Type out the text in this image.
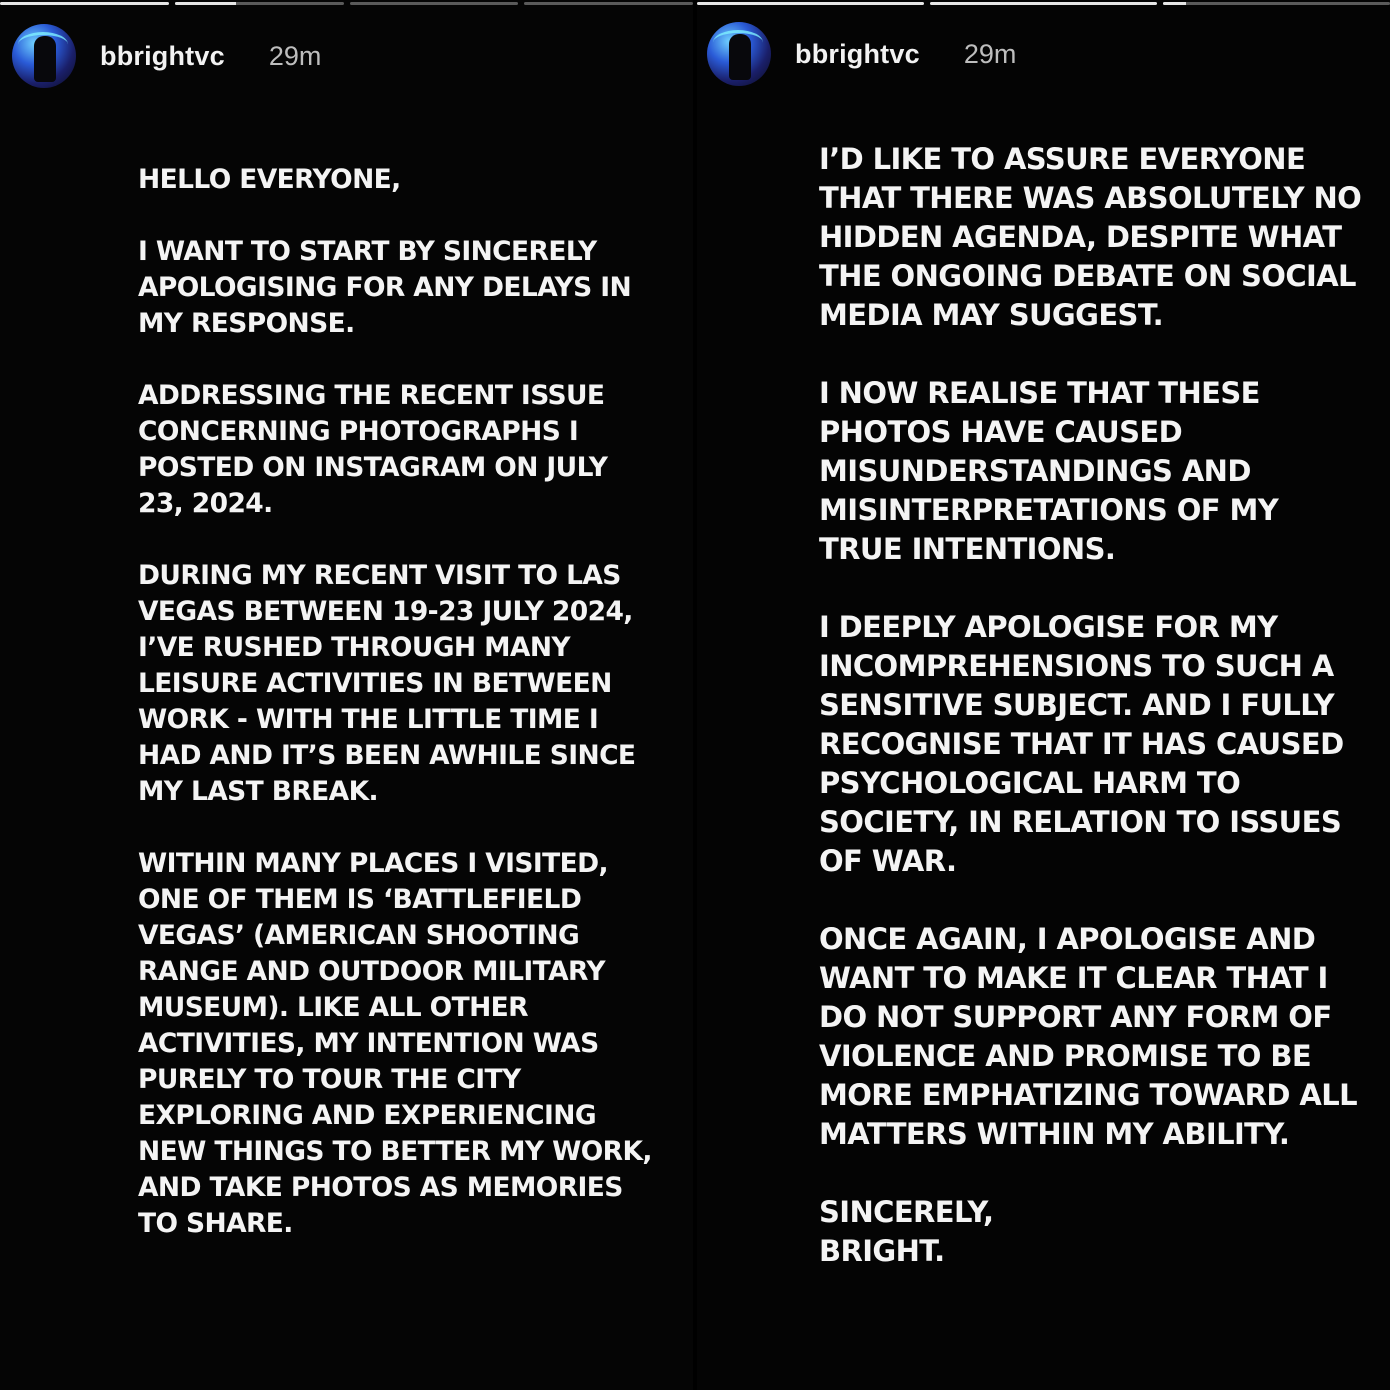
bbrightvc 29m

HELLO EVERYONE,

I WANT TO START BY SINCERELY APOLOGISING FOR ANY DELAYS IN MY RESPONSE.

ADDRESSING THE RECENT ISSUE CONCERNING PHOTOGRAPHS I POSTED ON INSTAGRAM ON JULY 23, 2024.

DURING MY RECENT VISIT TO LAS VEGAS BETWEEN 19-23 JULY 2024, I’VE RUSHED THROUGH MANY LEISURE ACTIVITIES IN BETWEEN WORK - WITH THE LITTLE TIME I HAD AND IT’S BEEN AWHILE SINCE MY LAST BREAK.

WITHIN MANY PLACES I VISITED, ONE OF THEM IS ‘BATTLEFIELD VEGAS’ (AMERICAN SHOOTING RANGE AND OUTDOOR MILITARY MUSEUM). LIKE ALL OTHER ACTIVITIES, MY INTENTION WAS PURELY TO TOUR THE CITY EXPLORING AND EXPERIENCING NEW THINGS TO BETTER MY WORK, AND TAKE PHOTOS AS MEMORIES TO SHARE.

bbrightvc 29m

I’D LIKE TO ASSURE EVERYONE THAT THERE WAS ABSOLUTELY NO HIDDEN AGENDA, DESPITE WHAT THE ONGOING DEBATE ON SOCIAL MEDIA MAY SUGGEST.

I NOW REALISE THAT THESE PHOTOS HAVE CAUSED MISUNDERSTANDINGS AND MISINTERPRETATIONS OF MY TRUE INTENTIONS.

I DEEPLY APOLOGISE FOR MY INCOMPREHENSIONS TO SUCH A SENSITIVE SUBJECT. AND I FULLY RECOGNISE THAT IT HAS CAUSED PSYCHOLOGICAL HARM TO SOCIETY, IN RELATION TO ISSUES OF WAR.

ONCE AGAIN, I APOLOGISE AND WANT TO MAKE IT CLEAR THAT I DO NOT SUPPORT ANY FORM OF VIOLENCE AND PROMISE TO BE MORE EMPHATIZING TOWARD ALL MATTERS WITHIN MY ABILITY.

SINCERELY,

BRIGHT.
